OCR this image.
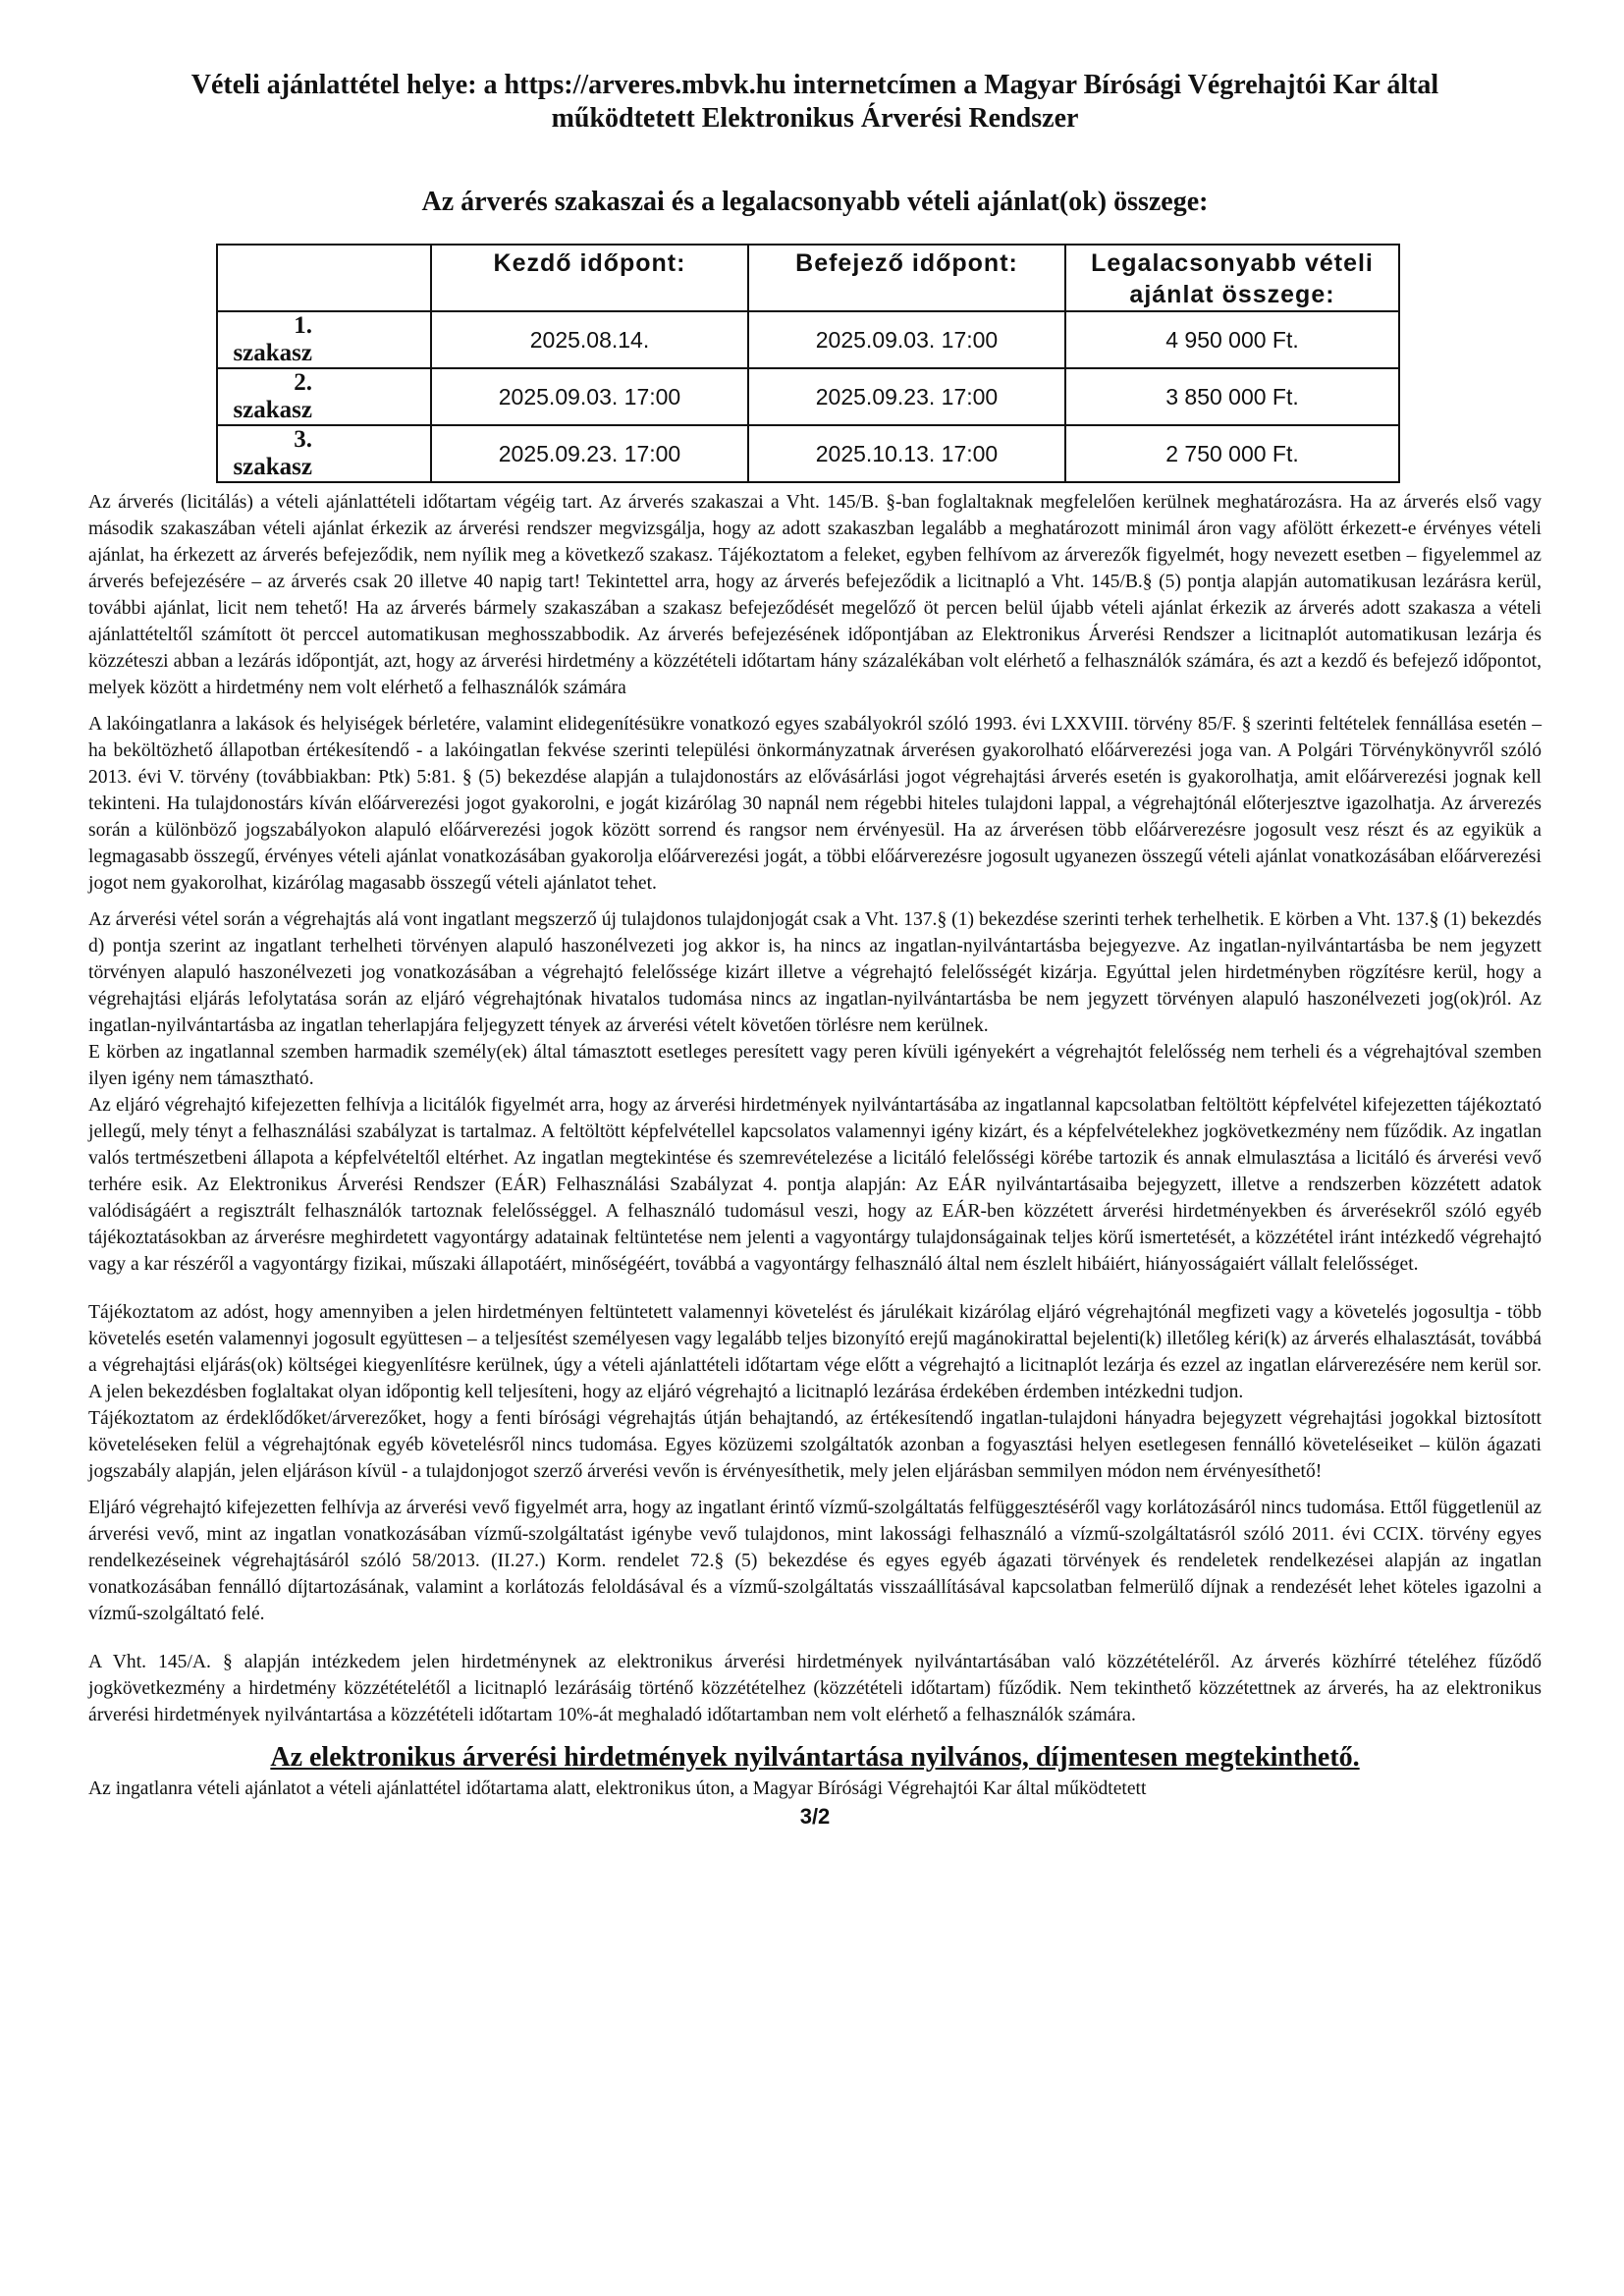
Vételi ajánlattétel helye: a https://arveres.mbvk.hu internetcímen a Magyar Bírósági Végrehajtói Kar által
működtetett Elektronikus Árverési Rendszer
Az árverés szakaszai és a legalacsonyabb vételi ajánlat(ok) összege:
	Kezdő időpont:	Befejező időpont:	Legalacsonyabb vételi ajánlat összege:
1. szakasz	2025.08.14.	2025.09.03. 17:00	4 950 000 Ft.
2. szakasz	2025.09.03. 17:00	2025.09.23. 17:00	3 850 000 Ft.
3. szakasz	2025.09.23. 17:00	2025.10.13. 17:00	2 750 000 Ft.

Az árverés (licitálás) a vételi ajánlattételi időtartam végéig tart. Az árverés szakaszai a Vht. 145/B. §-ban foglaltaknak megfelelően kerülnek meghatározásra. Ha az árverés első vagy második szakaszában vételi ajánlat érkezik az árverési rendszer megvizsgálja, hogy az adott szakaszban legalább a meghatározott minimál áron vagy afölött érkezett-e érvényes vételi ajánlat, ha érkezett az árverés befejeződik, nem nyílik meg a következő szakasz. Tájékoztatom a feleket, egyben felhívom az árverezők figyelmét, hogy nevezett esetben – figyelemmel az árverés befejezésére – az árverés csak 20 illetve 40 napig tart! Tekintettel arra, hogy az árverés befejeződik a licitnapló a Vht. 145/B.§ (5) pontja alapján automatikusan lezárásra kerül, további ajánlat, licit nem tehető! Ha az árverés bármely szakaszában a szakasz befejeződését megelőző öt percen belül újabb vételi ajánlat érkezik az árverés adott szakasza a vételi ajánlattételtől számított öt perccel automatikusan meghosszabbodik. Az árverés befejezésének időpontjában az Elektronikus Árverési Rendszer a licitnaplót automatikusan lezárja és közzéteszi abban a lezárás időpontját, azt, hogy az árverési hirdetmény a közzétételi időtartam hány százalékában volt elérhető a felhasználók számára, és azt a kezdő és befejező időpontot, melyek között a hirdetmény nem volt elérhető a felhasználók számára

A lakóingatlanra a lakások és helyiségek bérletére, valamint elidegenítésükre vonatkozó egyes szabályokról szóló 1993. évi LXXVIII. törvény 85/F. § szerinti feltételek fennállása esetén – ha beköltözhető állapotban értékesítendő - a lakóingatlan fekvése szerinti települési önkormányzatnak árverésen gyakorolható előárverezési joga van. A Polgári Törvénykönyvről szóló 2013. évi V. törvény (továbbiakban: Ptk) 5:81. § (5) bekezdése alapján a tulajdonostárs az elővásárlási jogot végrehajtási árverés esetén is gyakorolhatja, amit előárverezési jognak kell tekinteni. Ha tulajdonostárs kíván előárverezési jogot gyakorolni, e jogát kizárólag 30 napnál nem régebbi hiteles tulajdoni lappal, a végrehajtónál előterjesztve igazolhatja. Az árverezés során a különböző jogszabályokon alapuló előárverezési jogok között sorrend és rangsor nem érvényesül. Ha az árverésen több előárverezésre jogosult vesz részt és az egyikük a legmagasabb összegű, érvényes vételi ajánlat vonatkozásában gyakorolja előárverezési jogát, a többi előárverezésre jogosult ugyanezen összegű vételi ajánlat vonatkozásában előárverezési jogot nem gyakorolhat, kizárólag magasabb összegű vételi ajánlatot tehet.

Az árverési vétel során a végrehajtás alá vont ingatlant megszerző új tulajdonos tulajdonjogát csak a Vht. 137.§ (1) bekezdése szerinti terhek terhelhetik. E körben a Vht. 137.§ (1) bekezdés d) pontja szerint az ingatlant terhelheti törvényen alapuló haszonélvezeti jog akkor is, ha nincs az ingatlan-nyilvántartásba bejegyezve. Az ingatlan-nyilvántartásba be nem jegyzett törvényen alapuló haszonélvezeti jog vonatkozásában a végrehajtó felelőssége kizárt illetve a végrehajtó felelősségét kizárja. Egyúttal jelen hirdetményben rögzítésre kerül, hogy a végrehajtási eljárás lefolytatása során az eljáró végrehajtónak hivatalos tudomása nincs az ingatlan-nyilvántartásba be nem jegyzett törvényen alapuló haszonélvezeti jog(ok)ról. Az ingatlan-nyilvántartásba az ingatlan teherlapjára feljegyzett tények az árverési vételt követően törlésre nem kerülnek.

E körben az ingatlannal szemben harmadik személy(ek) által támasztott esetleges peresített vagy peren kívüli igényekért a végrehajtót felelősség nem terheli és a végrehajtóval szemben ilyen igény nem támasztható.

Az eljáró végrehajtó kifejezetten felhívja a licitálók figyelmét arra, hogy az árverési hirdetmények nyilvántartásába az ingatlannal kapcsolatban feltöltött képfelvétel kifejezetten tájékoztató jellegű, mely tényt a felhasználási szabályzat is tartalmaz. A feltöltött képfelvétellel kapcsolatos valamennyi igény kizárt, és a képfelvételekhez jogkövetkezmény nem fűződik. Az ingatlan valós tertmészetbeni állapota a képfelvételtől eltérhet. Az ingatlan megtekintése és szemrevételezése a licitáló felelősségi körébe tartozik és annak elmulasztása a licitáló és árverési vevő terhére esik. Az Elektronikus Árverési Rendszer (EÁR) Felhasználási Szabályzat 4. pontja alapján: Az EÁR nyilvántartásaiba bejegyzett, illetve a rendszerben közzétett adatok valódiságáért a regisztrált felhasználók tartoznak felelősséggel. A felhasználó tudomásul veszi, hogy az EÁR-ben közzétett árverési hirdetményekben és árverésekről szóló egyéb tájékoztatásokban az árverésre meghirdetett vagyontárgy adatainak feltüntetése nem jelenti a vagyontárgy tulajdonságainak teljes körű ismertetését, a közzététel iránt intézkedő végrehajtó vagy a kar részéről a vagyontárgy fizikai, műszaki állapotáért, minőségéért, továbbá a vagyontárgy felhasználó által nem észlelt hibáiért, hiányosságaiért vállalt felelősséget.

Tájékoztatom az adóst, hogy amennyiben a jelen hirdetményen feltüntetett valamennyi követelést és járulékait kizárólag eljáró végrehajtónál megfizeti vagy a követelés jogosultja - több követelés esetén valamennyi jogosult együttesen – a teljesítést személyesen vagy legalább teljes bizonyító erejű magánokirattal bejelenti(k) illetőleg kéri(k) az árverés elhalasztását, továbbá a végrehajtási eljárás(ok) költségei kiegyenlítésre kerülnek, úgy a vételi ajánlattételi időtartam vége előtt a végrehajtó a licitnaplót lezárja és ezzel az ingatlan elárverezésére nem kerül sor. A jelen bekezdésben foglaltakat olyan időpontig kell teljesíteni, hogy az eljáró végrehajtó a licitnapló lezárása érdekében érdemben intézkedni tudjon.

Tájékoztatom az érdeklődőket/árverezőket, hogy a fenti bírósági végrehajtás útján behajtandó, az értékesítendő ingatlan-tulajdoni hányadra bejegyzett végrehajtási jogokkal biztosított követeléseken felül a végrehajtónak egyéb követelésről nincs tudomása. Egyes közüzemi szolgáltatók azonban a fogyasztási helyen esetlegesen fennálló követeléseiket – külön ágazati jogszabály alapján, jelen eljáráson kívül - a tulajdonjogot szerző árverési vevőn is érvényesíthetik, mely jelen eljárásban semmilyen módon nem érvényesíthető!

Eljáró végrehajtó kifejezetten felhívja az árverési vevő figyelmét arra, hogy az ingatlant érintő vízmű-szolgáltatás felfüggesztéséről vagy korlátozásáról nincs tudomása. Ettől függetlenül az árverési vevő, mint az ingatlan vonatkozásában vízmű-szolgáltatást igénybe vevő tulajdonos, mint lakossági felhasználó a vízmű-szolgáltatásról szóló 2011. évi CCIX. törvény egyes rendelkezéseinek végrehajtásáról szóló 58/2013. (II.27.) Korm. rendelet 72.§ (5) bekezdése és egyes egyéb ágazati törvények és rendeletek rendelkezései alapján az ingatlan vonatkozásában fennálló díjtartozásának, valamint a korlátozás feloldásával és a vízmű-szolgáltatás visszaállításával kapcsolatban felmerülő díjnak a rendezését lehet köteles igazolni a vízmű-szolgáltató felé.

A Vht. 145/A. § alapján intézkedem jelen hirdetménynek az elektronikus árverési hirdetmények nyilvántartásában való közzétételéről. Az árverés közhírré tételéhez fűződő jogkövetkezmény a hirdetmény közzétételétől a licitnapló lezárásáig történő közzétételhez (közzétételi időtartam) fűződik. Nem tekinthető közzétettnek az árverés, ha az elektronikus árverési hirdetmények nyilvántartása a közzétételi időtartam 10%-át meghaladó időtartamban nem volt elérhető a felhasználók számára.

Az elektronikus árverési hirdetmények nyilvántartása nyilvános, díjmentesen megtekinthető.

Az ingatlanra vételi ajánlatot a vételi ajánlattétel időtartama alatt, elektronikus úton, a Magyar Bírósági Végrehajtói Kar által működtetett

3/2
